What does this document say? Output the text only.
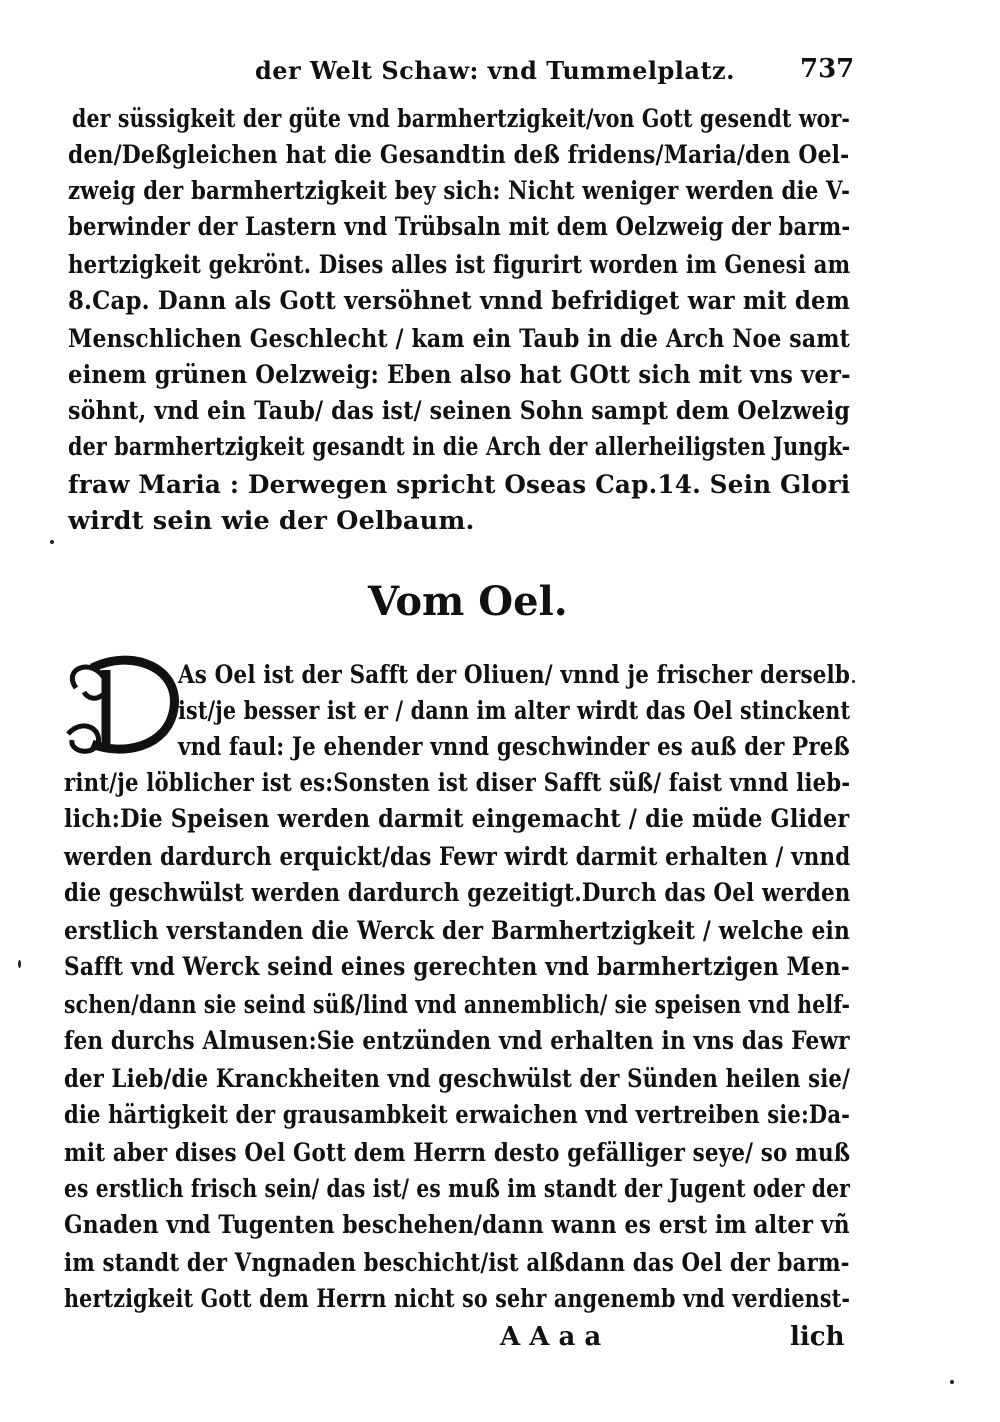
der Welt Schaw: vnd Tummelplatz. 737
der süssigkeit der güte vnd barmhertzigkeit/von Gott gesendt wor-
den/Deßgleichen hat die Gesandtin deß fridens/Maria/den Oel-
zweig der barmhertzigkeit bey sich: Nicht weniger werden die V-
berwinder der Lastern vnd Trübsaln mit dem Oelzweig der barm-
hertzigkeit gekrönt. Dises alles ist figurirt worden im Genesi am
8.Cap. Dann als Gott versöhnet vnnd befridiget war mit dem
Menschlichen Geschlecht / kam ein Taub in die Arch Noe samt
einem grünen Oelzweig: Eben also hat GOtt sich mit vns ver-
söhnt, vnd ein Taub/ das ist/ seinen Sohn sampt dem Oelzweig
der barmhertzigkeit gesandt in die Arch der allerheiligsten Jungk-
fraw Maria : Derwegen spricht Oseas Cap.14. Sein Glori
wirdt sein wie der Oelbaum.
Vom Oel.
D
As Oel ist der Safft der Oliuen/ vnnd je frischer derselb
ist/je besser ist er / dann im alter wirdt das Oel stinckent
vnd faul: Je ehender vnnd geschwinder es auß der Preß
rint/je löblicher ist es:Sonsten ist diser Safft süß/ faist vnnd lieb-
lich:Die Speisen werden darmit eingemacht / die müde Glider
werden dardurch erquickt/das Fewr wirdt darmit erhalten / vnnd
die geschwülst werden dardurch gezeitigt.Durch das Oel werden
erstlich verstanden die Werck der Barmhertzigkeit / welche ein
Safft vnd Werck seind eines gerechten vnd barmhertzigen Men-
schen/dann sie seind süß/lind vnd annemblich/ sie speisen vnd helf-
fen durchs Almusen:Sie entzünden vnd erhalten in vns das Fewr
der Lieb/die Kranckheiten vnd geschwülst der Sünden heilen sie/
die härtigkeit der grausambkeit erwaichen vnd vertreiben sie:Da-
mit aber dises Oel Gott dem Herrn desto gefälliger seye/ so muß
es erstlich frisch sein/ das ist/ es muß im standt der Jugent oder der
Gnaden vnd Tugenten beschehen/dann wann es erst im alter vñ
im standt der Vngnaden beschicht/ist alßdann das Oel der barm-
hertzigkeit Gott dem Herrn nicht so sehr angenemb vnd verdienst-
A A a a	lich
